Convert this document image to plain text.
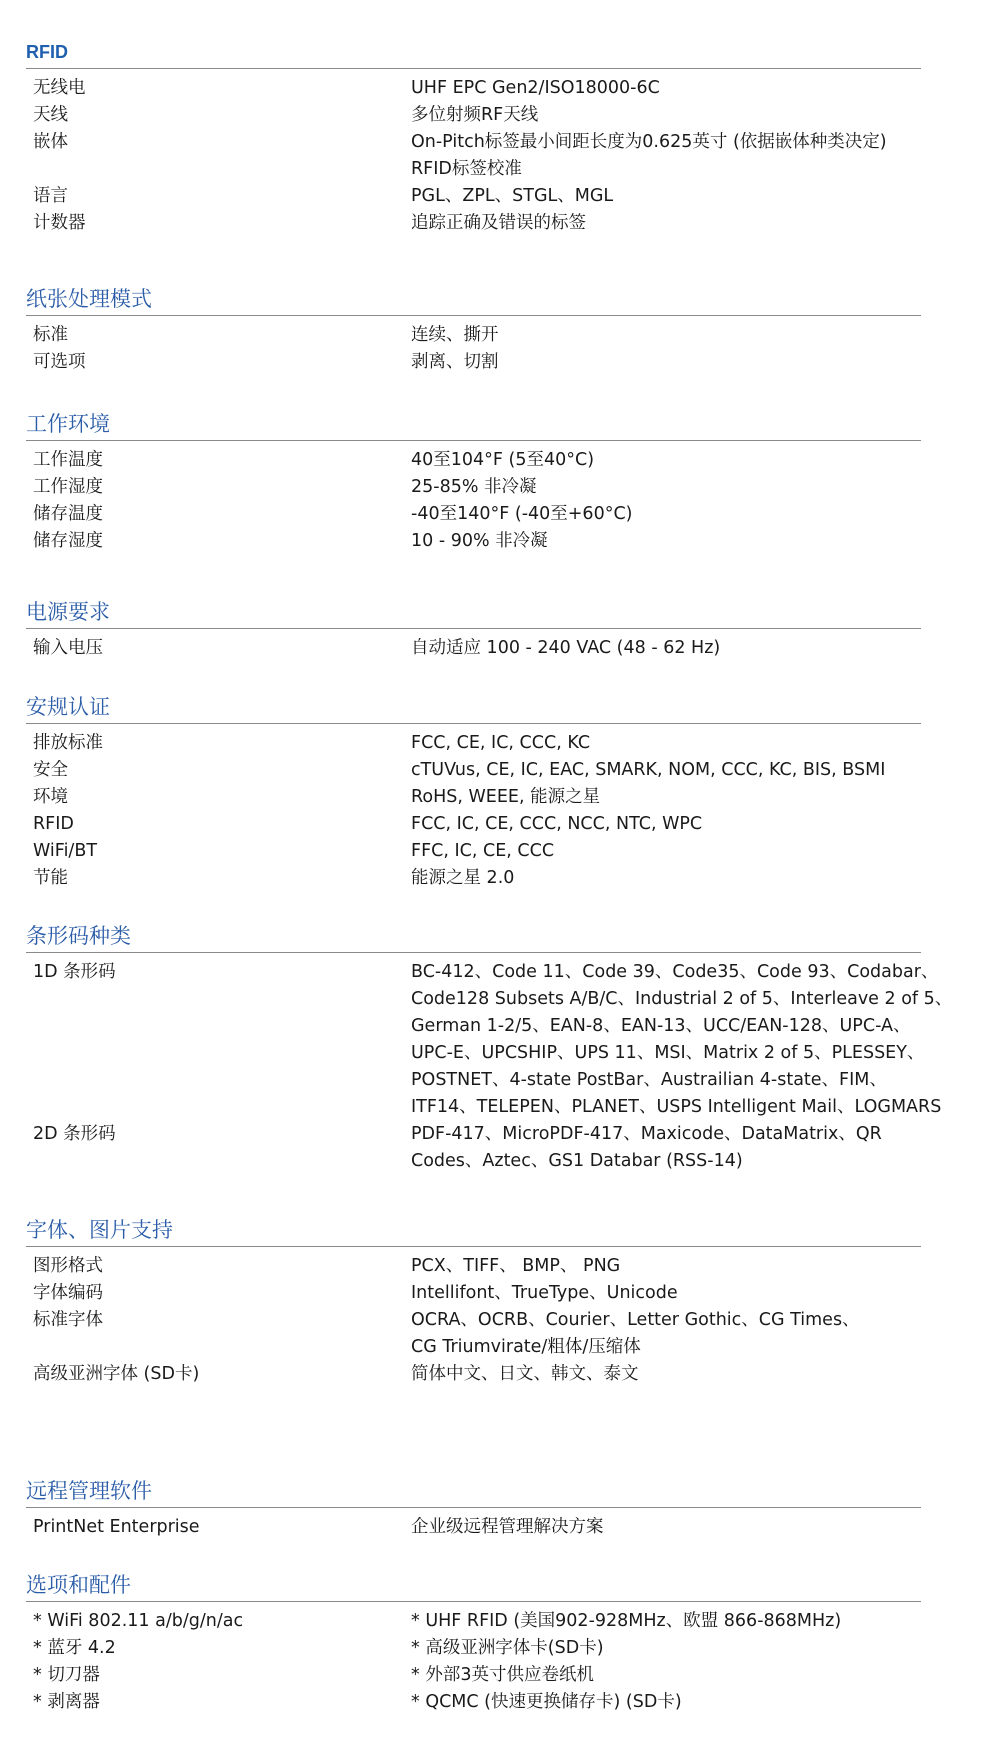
RFID
无线电	UHF EPC Gen2/ISO18000-6C
天线	多位射频RF天线
嵌体	On-Pitch标签最小间距长度为0.625英寸 (依据嵌体种类决定)
RFID标签校准
语言	PGL、ZPL、STGL、MGL
计数器	追踪正确及错误的标签
纸张处理模式
标准	连续、撕开
可选项	剥离、切割
工作环境
工作温度	40至104°F (5至40°C)
工作湿度	25-85% 非冷凝
储存温度	-40至140°F (-40至+60°C)
储存湿度	10 - 90% 非冷凝
电源要求
输入电压	自动适应 100 - 240 VAC (48 - 62 Hz)
安规认证
排放标准	FCC, CE, IC, CCC, KC
安全	cTUVus, CE, IC, EAC, SMARK, NOM, CCC, KC, BIS, BSMI
环境	RoHS, WEEE, 能源之星
RFID	FCC, IC, CE, CCC, NCC, NTC, WPC
WiFi/BT	FFC, IC, CE, CCC
节能	能源之星 2.0
条形码种类
1D 条形码	BC-412、Code 11、Code 39、Code35、Code 93、Codabar、
Code128 Subsets A/B/C、Industrial 2 of 5、Interleave 2 of 5、
German 1-2/5、EAN-8、EAN-13、UCC/EAN-128、UPC-A、
UPC-E、UPCSHIP、UPS 11、MSI、Matrix 2 of 5、PLESSEY、
POSTNET、4-state PostBar、Austrailian 4-state、FIM、
ITF14、TELEPEN、PLANET、USPS Intelligent Mail、LOGMARS
2D 条形码	PDF-417、MicroPDF-417、Maxicode、DataMatrix、QR
Codes、Aztec、GS1 Databar (RSS-14)
字体、图片支持
图形格式	PCX、TIFF、 BMP、 PNG
字体编码	Intellifont、TrueType、Unicode
标准字体	OCRA、OCRB、Courier、Letter Gothic、CG Times、
CG Triumvirate/粗体/压缩体
高级亚洲字体 (SD卡)	简体中文、日文、韩文、泰文
远程管理软件
PrintNet Enterprise	企业级远程管理解决方案
选项和配件
* WiFi 802.11 a/b/g/n/ac	* UHF RFID (美国902-928MHz、欧盟 866-868MHz)
* 蓝牙 4.2	* 高级亚洲字体卡(SD卡)
* 切刀器	* 外部3英寸供应卷纸机
* 剥离器	* QCMC (快速更换储存卡) (SD卡)
